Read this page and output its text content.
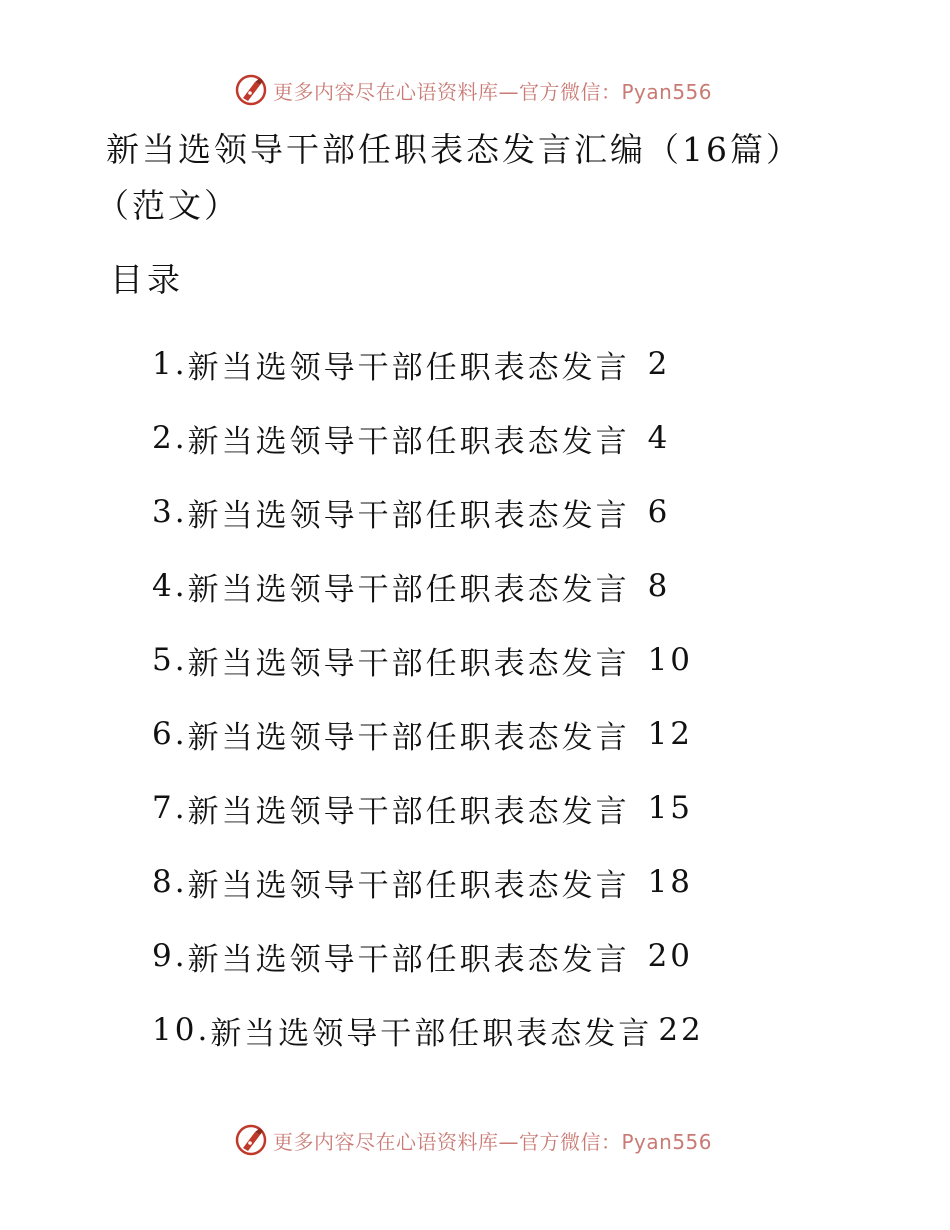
更多内容尽在心语资料库—官方微信：Pyan556
新当选领导干部任职表态发言汇编（16篇）（范文）
目录
1. 新当选领导干部任职表态发言 2
2. 新当选领导干部任职表态发言 4
3. 新当选领导干部任职表态发言 6
4. 新当选领导干部任职表态发言 8
5. 新当选领导干部任职表态发言 10
6. 新当选领导干部任职表态发言 12
7. 新当选领导干部任职表态发言 15
8. 新当选领导干部任职表态发言 18
9. 新当选领导干部任职表态发言 20
10. 新当选领导干部任职表态发言 22
更多内容尽在心语资料库—官方微信：Pyan556
